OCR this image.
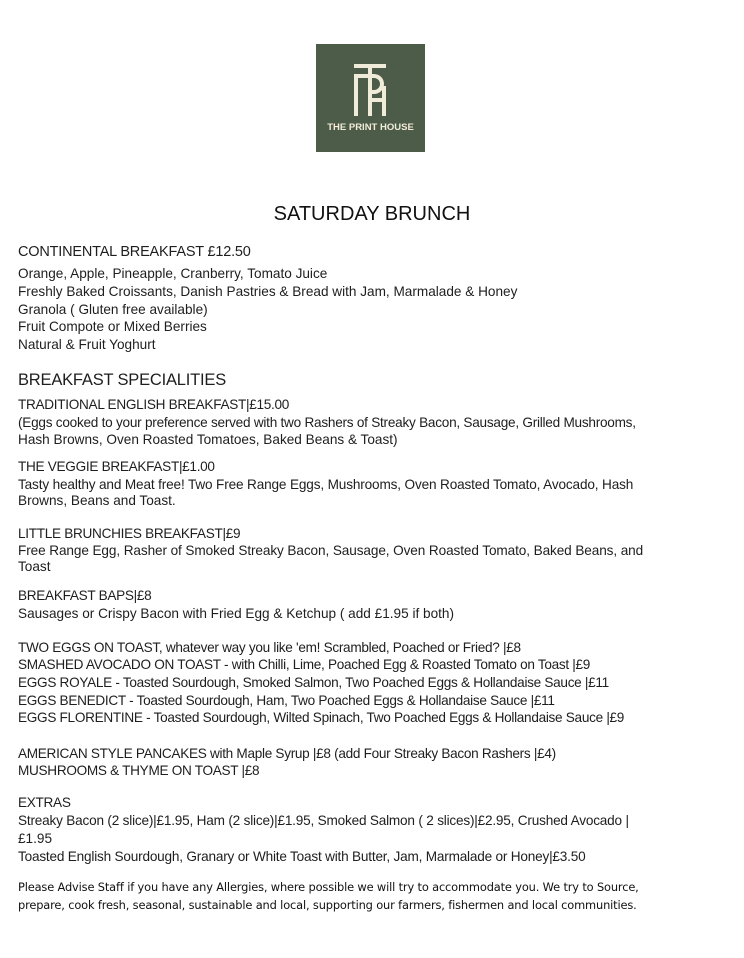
THE PRINT HOUSE
SATURDAY BRUNCH
CONTINENTAL BREAKFAST £12.50
Orange, Apple, Pineapple, Cranberry, Tomato Juice
Freshly Baked Croissants, Danish Pastries & Bread with Jam, Marmalade & Honey
Granola ( Gluten free available)
Fruit Compote or Mixed Berries
Natural & Fruit Yoghurt
BREAKFAST SPECIALITIES
TRADITIONAL ENGLISH BREAKFAST|£15.00
(Eggs cooked to your preference served with two Rashers of Streaky Bacon, Sausage, Grilled Mushrooms,
Hash Browns, Oven Roasted Tomatoes, Baked Beans & Toast)
THE VEGGIE BREAKFAST|£1.00
Tasty healthy and Meat free! Two Free Range Eggs, Mushrooms, Oven Roasted Tomato, Avocado, Hash
Browns, Beans and Toast.
LITTLE BRUNCHIES BREAKFAST|£9
Free Range Egg, Rasher of Smoked Streaky Bacon, Sausage, Oven Roasted Tomato, Baked Beans, and
Toast
BREAKFAST BAPS|£8
Sausages or Crispy Bacon with Fried Egg & Ketchup ( add £1.95 if both)
TWO EGGS ON TOAST, whatever way you like 'em! Scrambled, Poached or Fried? |£8
SMASHED AVOCADO ON TOAST - with Chilli, Lime, Poached Egg & Roasted Tomato on Toast |£9
EGGS ROYALE - Toasted Sourdough, Smoked Salmon, Two Poached Eggs & Hollandaise Sauce |£11
EGGS BENEDICT - Toasted Sourdough, Ham, Two Poached Eggs & Hollandaise Sauce |£11
EGGS FLORENTINE - Toasted Sourdough, Wilted Spinach, Two Poached Eggs & Hollandaise Sauce |£9
AMERICAN STYLE PANCAKES with Maple Syrup |£8 (add Four Streaky Bacon Rashers |£4)
MUSHROOMS & THYME ON TOAST |£8
EXTRAS
Streaky Bacon (2 slice)|£1.95, Ham (2 slice)|£1.95, Smoked Salmon ( 2 slices)|£2.95, Crushed Avocado |
£1.95
Toasted English Sourdough, Granary or White Toast with Butter, Jam, Marmalade or Honey|£3.50
Please Advise Staff if you have any Allergies, where possible we will try to accommodate you. We try to Source,
prepare, cook fresh, seasonal, sustainable and local, supporting our farmers, fishermen and local communities.
